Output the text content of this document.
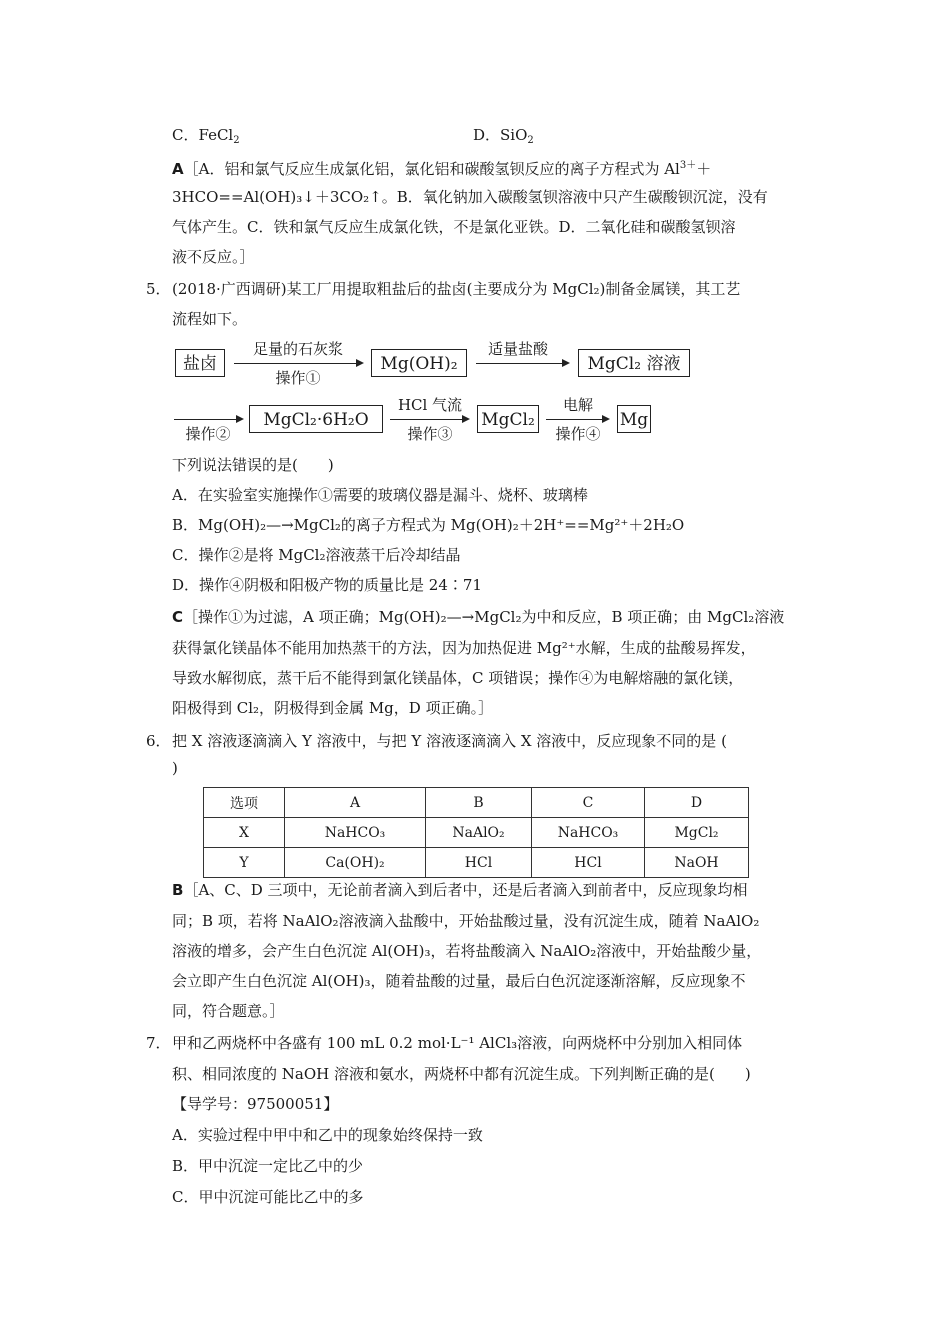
C．FeCl$_2$	D．SiO$_2$
A［A．铝和氯气反应生成氯化铝，氯化铝和碳酸氢钡反应的离子方程式为 $Al^{3+}+$
3HCO==Al(OH)₃↓＋3CO₂↑。B．氧化钠加入碳酸氢钡溶液中只产生碳酸钡沉淀，没有
气体产生。C．铁和氯气反应生成氯化铁，不是氯化亚铁。D．二氧化硅和碳酸氢钡溶
液不反应。］
5． (2018·广西调研)某工厂用提取粗盐后的盐卤(主要成分为 MgCl₂)制备金属镁，其工艺
流程如下。
盐卤
足量的石灰浆
操作①
Mg(OH)₂
适量盐酸
MgCl₂ 溶液
操作②
MgCl₂·6H₂O
HCl 气流
操作③
MgCl₂
电解
操作④
Mg
下列说法错误的是(　　)
A．在实验室实施操作①需要的玻璃仪器是漏斗、烧杯、玻璃棒
B．Mg(OH)₂—→MgCl₂的离子方程式为 Mg(OH)₂＋2H⁺==Mg²⁺＋2H₂O
C．操作②是将 MgCl₂溶液蒸干后冷却结晶
D．操作④阴极和阳极产物的质量比是 24∶71
C［操作①为过滤，A 项正确；Mg(OH)₂—→MgCl₂为中和反应，B 项正确；由 MgCl₂溶液
获得氯化镁晶体不能用加热蒸干的方法，因为加热促进 Mg²⁺水解，生成的盐酸易挥发，
导致水解彻底，蒸干后不能得到氯化镁晶体，C 项错误；操作④为电解熔融的氯化镁，
阳极得到 Cl₂，阴极得到金属 Mg，D 项正确。］
6． 把 X 溶液逐滴滴入 Y 溶液中，与把 Y 溶液逐滴滴入 X 溶液中，反应现象不同的是 (
)
选项	A	B	C	D
X	NaHCO₃	NaAlO₂	NaHCO₃	MgCl₂
Y	Ca(OH)₂	HCl	HCl	NaOH
B［A、C、D 三项中，无论前者滴入到后者中，还是后者滴入到前者中，反应现象均相
同；B 项，若将 NaAlO₂溶液滴入盐酸中，开始盐酸过量，没有沉淀生成，随着 NaAlO₂
溶液的增多，会产生白色沉淀 Al(OH)₃，若将盐酸滴入 NaAlO₂溶液中，开始盐酸少量，
会立即产生白色沉淀 Al(OH)₃，随着盐酸的过量，最后白色沉淀逐渐溶解，反应现象不
同，符合题意。］
7． 甲和乙两烧杯中各盛有 100 mL 0.2 mol·L⁻¹ AlCl₃溶液，向两烧杯中分别加入相同体
积、相同浓度的 NaOH 溶液和氨水，两烧杯中都有沉淀生成。下列判断正确的是(　　)
【导学号：97500051】
A．实验过程中甲中和乙中的现象始终保持一致
B．甲中沉淀一定比乙中的少
C．甲中沉淀可能比乙中的多
